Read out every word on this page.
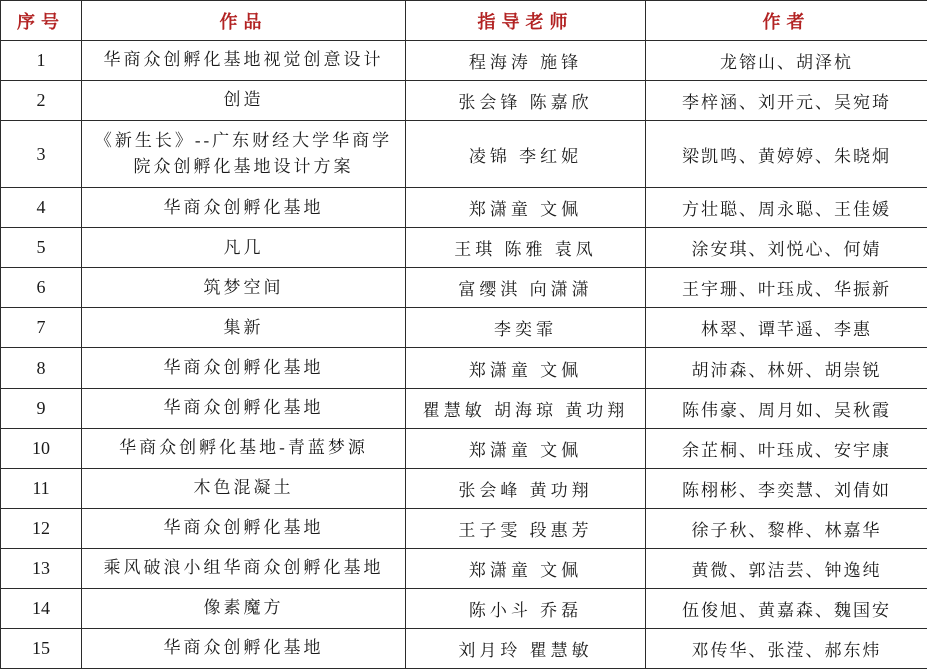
序号	作品	指导老师	作者
1	华商众创孵化基地视觉创意设计	程海涛 施锋	龙镕山、胡泽杭
2	创造	张会锋 陈嘉欣	李梓涵、刘开元、吴宛琦
3	《新生长》--广东财经大学华商学院众创孵化基地设计方案	凌锦 李红妮	梁凯鸣、黄婷婷、朱晓炯
4	华商众创孵化基地	郑潇童 文佩	方壮聪、周永聪、王佳媛
5	凡几	王琪 陈雅 袁凤	涂安琪、刘悦心、何婧
6	筑梦空间	富缨淇 向潇潇	王宇珊、叶珏成、华振新
7	集新	李奕霏	林翠、谭芊遥、李惠
8	华商众创孵化基地	郑潇童 文佩	胡沛森、林妍、胡崇锐
9	华商众创孵化基地	瞿慧敏 胡海琼 黄功翔	陈伟豪、周月如、吴秋霞
10	华商众创孵化基地-青蓝梦源	郑潇童 文佩	余芷桐、叶珏成、安宇康
11	木色混凝土	张会峰 黄功翔	陈栩彬、李奕慧、刘倩如
12	华商众创孵化基地	王子雯 段惠芳	徐子秋、黎桦、林嘉华
13	乘风破浪小组华商众创孵化基地	郑潇童 文佩	黄微、郭洁芸、钟逸纯
14	像素魔方	陈小斗 乔磊	伍俊旭、黄嘉森、魏国安
15	华商众创孵化基地	刘月玲 瞿慧敏	邓传华、张滢、郝东炜
